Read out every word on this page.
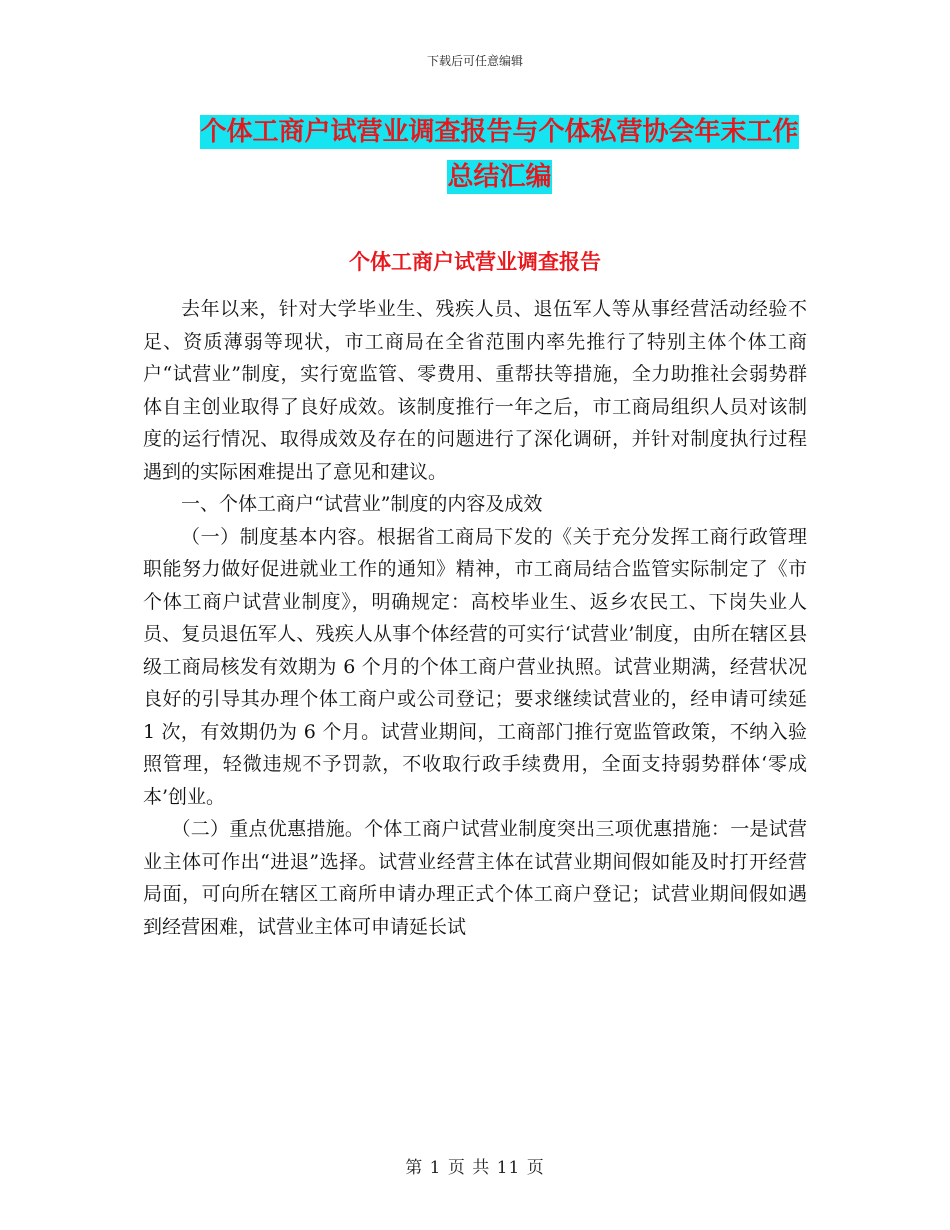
下载后可任意编辑
个体工商户试营业调查报告与个体私营协会年末工作
总结汇编
个体工商户试营业调查报告

去年以来，针对大学毕业生、残疾人员、退伍军人等从事经营活动经验不足、资质薄弱等现状，市工商局在全省范围内率先推行了特别主体个体工商户“试营业”制度，实行宽监管、零费用、重帮扶等措施，全力助推社会弱势群体自主创业取得了良好成效。该制度推行一年之后，市工商局组织人员对该制度的运行情况、取得成效及存在的问题进行了深化调研，并针对制度执行过程遇到的实际困难提出了意见和建议。

一、个体工商户“试营业”制度的内容及成效

（一）制度基本内容。根据省工商局下发的《关于充分发挥工商行政管理职能努力做好促进就业工作的通知》精神，市工商局结合监管实际制定了《市个体工商户试营业制度》，明确规定：高校毕业生、返乡农民工、下岗失业人员、复员退伍军人、残疾人从事个体经营的可实行‘试营业’制度，由所在辖区县级工商局核发有效期为 6 个月的个体工商户营业执照。试营业期满，经营状况良好的引导其办理个体工商户或公司登记；要求继续试营业的，经申请可续延 1 次，有效期仍为 6 个月。试营业期间，工商部门推行宽监管政策，不纳入验照管理，轻微违规不予罚款，不收取行政手续费用，全面支持弱势群体‘零成本’创业。

（二）重点优惠措施。个体工商户试营业制度突出三项优惠措施：一是试营业主体可作出“进退”选择。试营业经营主体在试营业期间假如能及时打开经营局面，可向所在辖区工商所申请办理正式个体工商户登记；试营业期间假如遇到经营困难，试营业主体可申请延长试

第 1 页 共 11 页
